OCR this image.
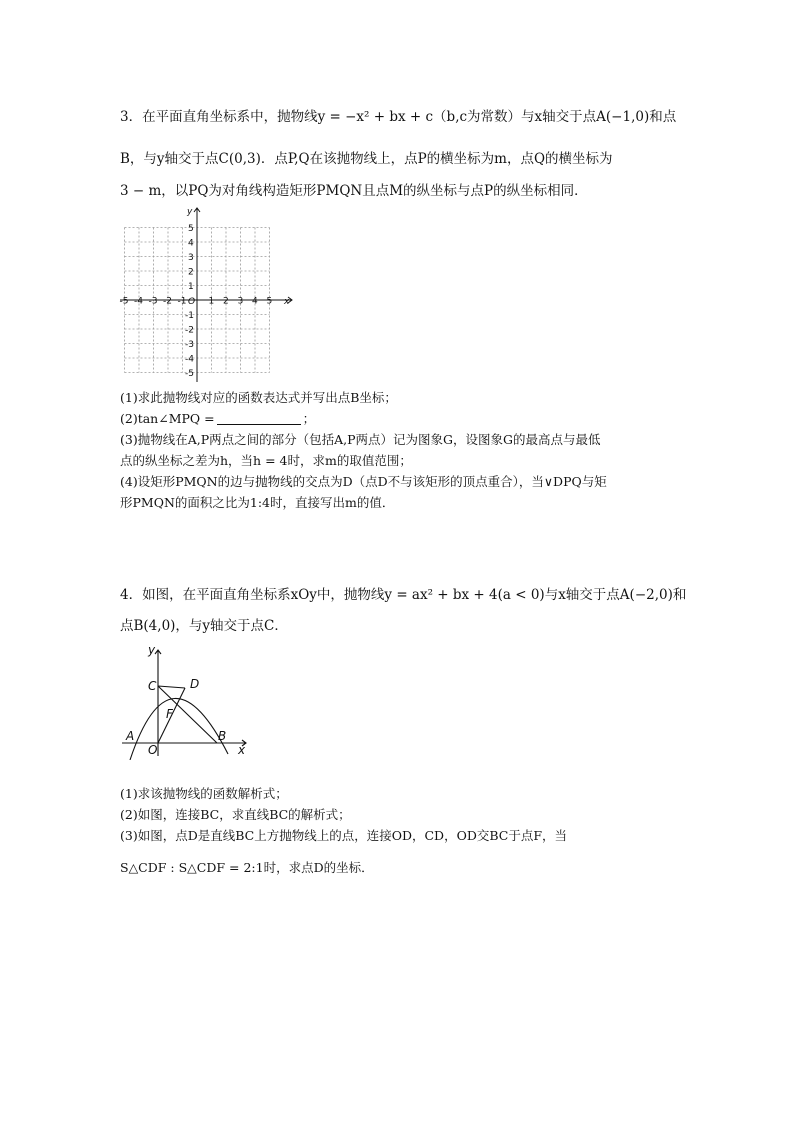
3．在平面直角坐标系中，抛物线y = −x² + bx + c（b,c为常数）与x轴交于点A(−1,0)和点
B，与y轴交于点C(0,3)．点P,Q在该抛物线上，点P的横坐标为m，点Q的横坐标为
3 − m，以PQ为对角线构造矩形PMQN且点M的纵坐标与点P的纵坐标相同．
-5 -4 -3 -2 -1 1 2 3 4 5
1
2
3
4
5
-1
-2
-3
-4
-5
O	x
y
(1)求此抛物线对应的函数表达式并写出点B坐标；
(2)tan∠MPQ =	；
(3)抛物线在A,P两点之间的部分（包括A,P两点）记为图象G，设图象G的最高点与最低
点的纵坐标之差为h，当h = 4时，求m的取值范围；
(4)设矩形PMQN的边与抛物线的交点为D（点D不与该矩形的顶点重合），当∨DPQ与矩
形PMQN的面积之比为1:4时，直接写出m的值．
4．如图，在平面直角坐标系xOy中，抛物线y = ax² + bx + 4(a < 0)与x轴交于点A(−2,0)和
点B(4,0)，与y轴交于点C．
y
x
C	D
F
A
O
B
(1)求该抛物线的函数解析式；
(2)如图，连接BC，求直线BC的解析式；
(3)如图，点D是直线BC上方抛物线上的点，连接OD，CD，OD交BC于点F，当
S△CDF : S△CDF = 2:1时，求点D的坐标．
